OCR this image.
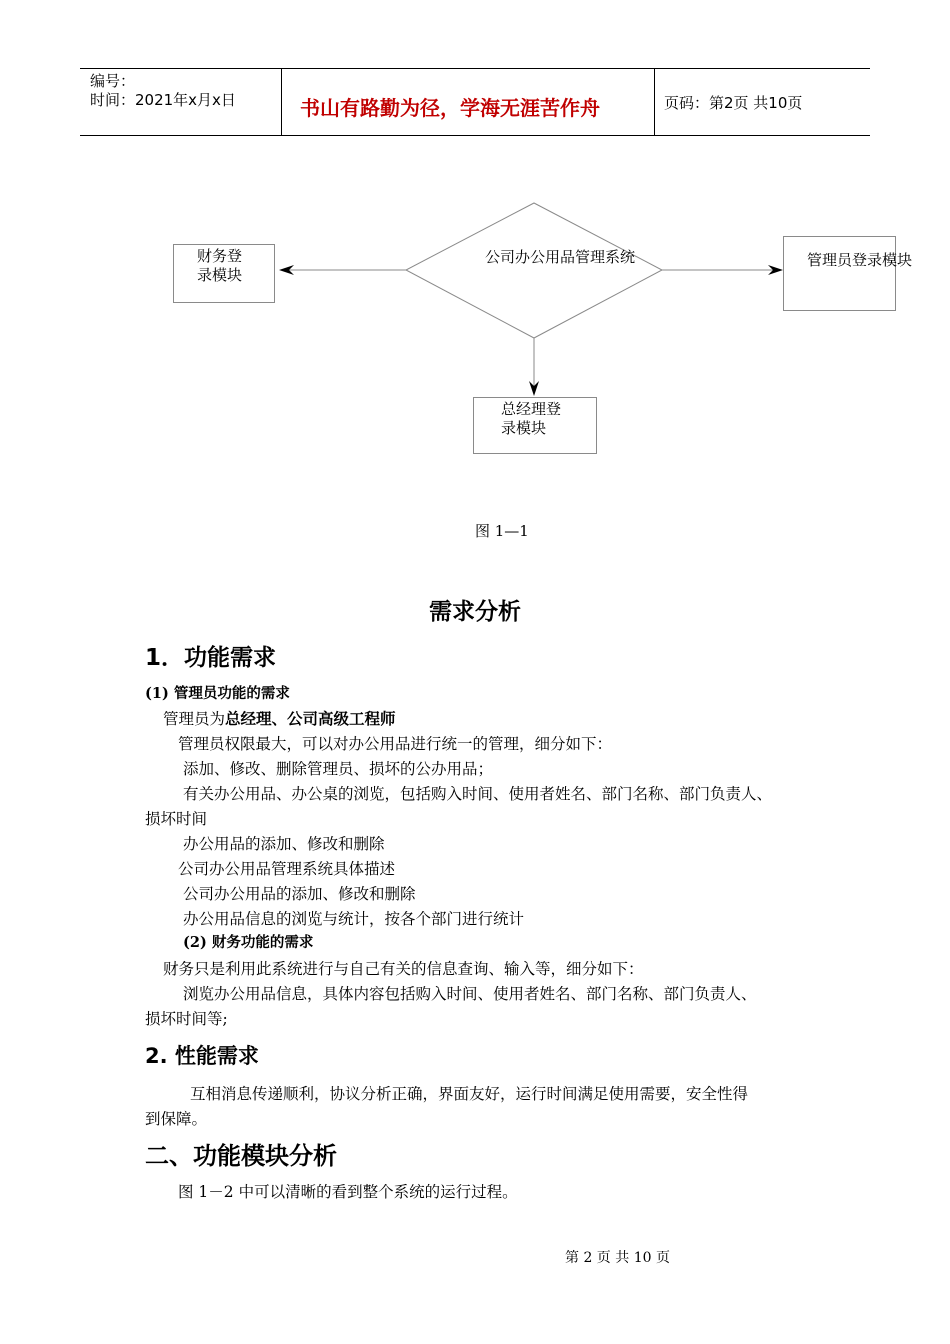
编号：
时间：2021年x月x日	书山有路勤为径，学海无涯苦作舟	页码：第2页 共10页
公司办公用品管理系统
财务登
录模块
管理员登录模块
总经理登
录模块
图 1—1
需求分析
1．功能需求
(1) 管理员功能的需求
管理员为总经理、公司高级工程师
管理员权限最大，可以对办公用品进行统一的管理，细分如下：
添加、修改、删除管理员、损坏的公办用品；
有关办公用品、办公桌的浏览，包括购入时间、使用者姓名、部门名称、部门负责人、
损坏时间
办公用品的添加、修改和删除
公司办公用品管理系统具体描述
公司办公用品的添加、修改和删除
办公用品信息的浏览与统计，按各个部门进行统计
(2) 财务功能的需求
财务只是利用此系统进行与自己有关的信息查询、输入等，细分如下：
浏览办公用品信息，具体内容包括购入时间、使用者姓名、部门名称、部门负责人、
损坏时间等;
2. 性能需求
互相消息传递顺利，协议分析正确，界面友好，运行时间满足使用需要，安全性得
到保障。
二、功能模块分析
图 1－2 中可以清晰的看到整个系统的运行过程。
第 2 页 共 10 页
